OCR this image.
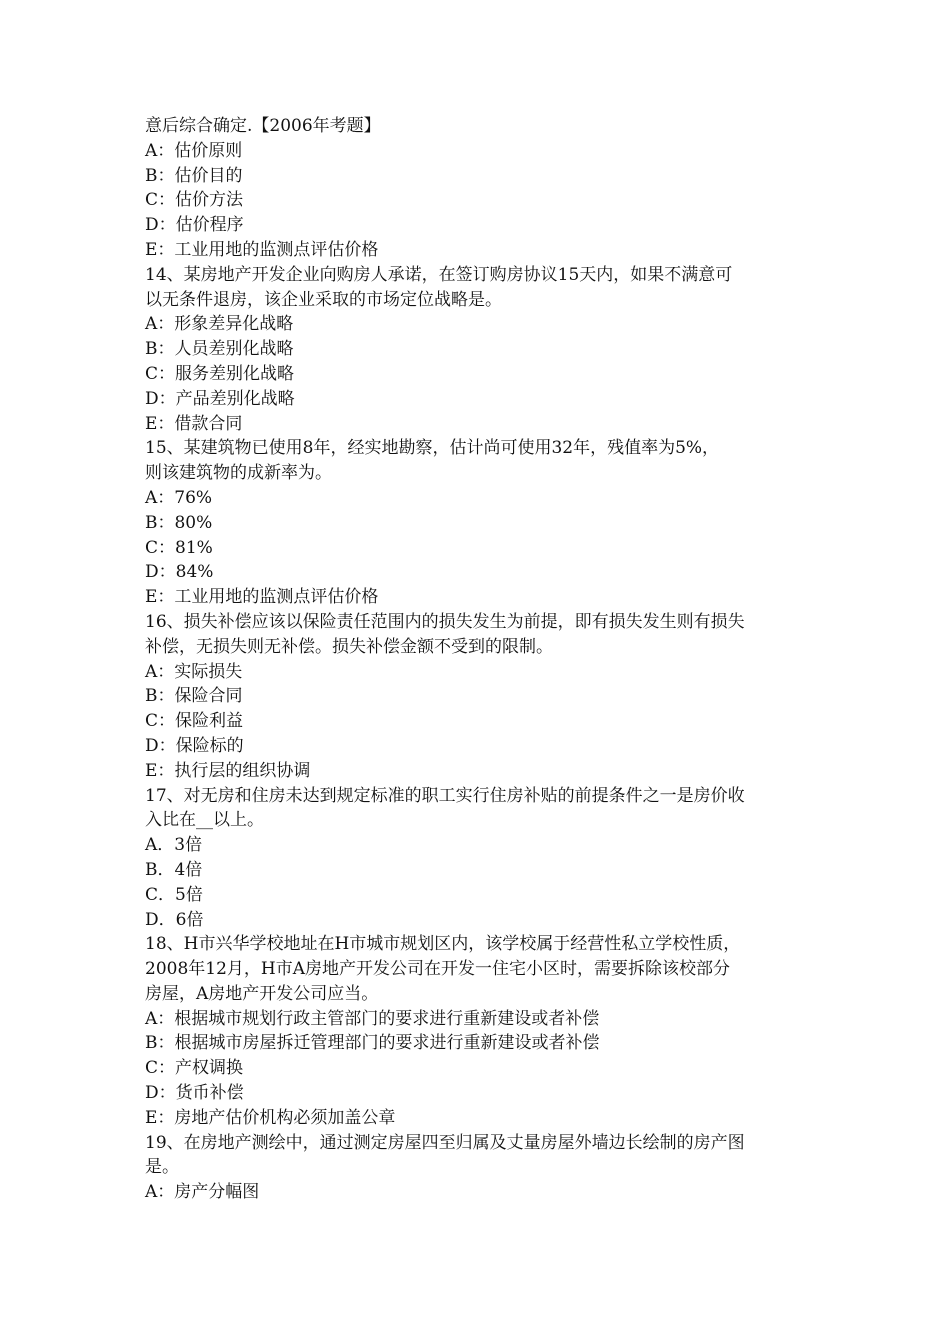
意后综合确定.【2006年考题】
A：估价原则
B：估价目的
C：估价方法
D：估价程序
E：工业用地的监测点评估价格
14、某房地产开发企业向购房人承诺，在签订购房协议15天内，如果不满意可
以无条件退房，该企业采取的市场定位战略是。
A：形象差异化战略
B：人员差别化战略
C：服务差别化战略
D：产品差别化战略
E：借款合同
15、某建筑物已使用8年，经实地勘察，估计尚可使用32年，残值率为5%，
则该建筑物的成新率为。
A：76%
B：80%
C：81%
D：84%
E：工业用地的监测点评估价格
16、损失补偿应该以保险责任范围内的损失发生为前提，即有损失发生则有损失
补偿，无损失则无补偿。损失补偿金额不受到的限制。
A：实际损失
B：保险合同
C：保险利益
D：保险标的
E：执行层的组织协调
17、对无房和住房未达到规定标准的职工实行住房补贴的前提条件之一是房价收
入比在__以上。
A．3倍
B．4倍
C．5倍
D．6倍
18、H市兴华学校地址在H市城市规划区内，该学校属于经营性私立学校性质，
2008年12月，H市A房地产开发公司在开发一住宅小区时，需要拆除该校部分
房屋，A房地产开发公司应当。
A：根据城市规划行政主管部门的要求进行重新建设或者补偿
B：根据城市房屋拆迁管理部门的要求进行重新建设或者补偿
C：产权调换
D：货币补偿
E：房地产估价机构必须加盖公章
19、在房地产测绘中，通过测定房屋四至归属及丈量房屋外墙边长绘制的房产图
是。
A：房产分幅图
